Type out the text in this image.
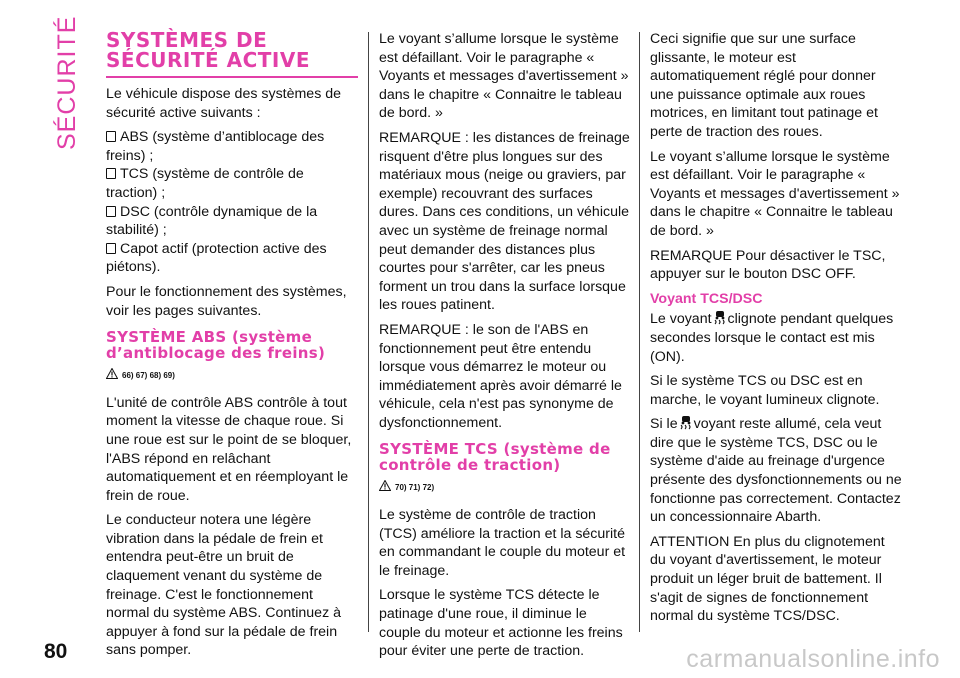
SÉCURITÉ SYSTÈMES DE SÉCURITÉ ACTIVE

Le véhicule dispose des systèmes de sécurité active suivants :

ABS (système d’antiblocage des freins) ;
TCS (système de contrôle de traction) ;
DSC (contrôle dynamique de la stabilité) ;
Capot actif (protection active des piétons).

Pour le fonctionnement des systèmes, voir les pages suivantes.

SYSTÈME ABS (système d’antiblocage des freins)
66) 67) 68) 69)

L'unité de contrôle ABS contrôle à tout moment la vitesse de chaque roue. Si une roue est sur le point de se bloquer, l'ABS répond en relâchant automatiquement et en réemployant le frein de roue.

Le conducteur notera une légère vibration dans la pédale de frein et entendra peut-être un bruit de claquement venant du système de freinage. C'est le fonctionnement normal du système ABS. Continuez à appuyer à fond sur la pédale de frein sans pomper.

Le voyant s’allume lorsque le système est défaillant. Voir le paragraphe « Voyants et messages d'avertissement » dans le chapitre « Connaitre le tableau de bord. »

REMARQUE : les distances de freinage risquent d'être plus longues sur des matériaux mous (neige ou graviers, par exemple) recouvrant des surfaces dures. Dans ces conditions, un véhicule avec un système de freinage normal peut demander des distances plus courtes pour s'arrêter, car les pneus forment un trou dans la surface lorsque les roues patinent.

REMARQUE : le son de l'ABS en fonctionnement peut être entendu lorsque vous démarrez le moteur ou immédiatement après avoir démarré le véhicule, cela n'est pas synonyme de dysfonctionnement.

SYSTÈME TCS (système de contrôle de traction)
70) 71) 72)

Le système de contrôle de traction (TCS) améliore la traction et la sécurité en commandant le couple du moteur et le freinage.

Lorsque le système TCS détecte le patinage d'une roue, il diminue le couple du moteur et actionne les freins pour éviter une perte de traction.

Ceci signifie que sur une surface glissante, le moteur est automatiquement réglé pour donner une puissance optimale aux roues motrices, en limitant tout patinage et perte de traction des roues.

Le voyant s’allume lorsque le système est défaillant. Voir le paragraphe « Voyants et messages d'avertissement » dans le chapitre « Connaitre le tableau de bord. »

REMARQUE Pour désactiver le TSC, appuyer sur le bouton DSC OFF.

Voyant TCS/DSC

Le voyant clignote pendant quelques secondes lorsque le contact est mis (ON).

Si le système TCS ou DSC est en marche, le voyant lumineux clignote.

Si le voyant reste allumé, cela veut dire que le système TCS, DSC ou le système d'aide au freinage d'urgence présente des dysfonctionnements ou ne fonctionne pas correctement. Contactez un concessionnaire Abarth.

ATTENTION En plus du clignotement du voyant d'avertissement, le moteur produit un léger bruit de battement. Il s'agit de signes de fonctionnement normal du système TCS/DSC.

80	carmanualsonline.info
